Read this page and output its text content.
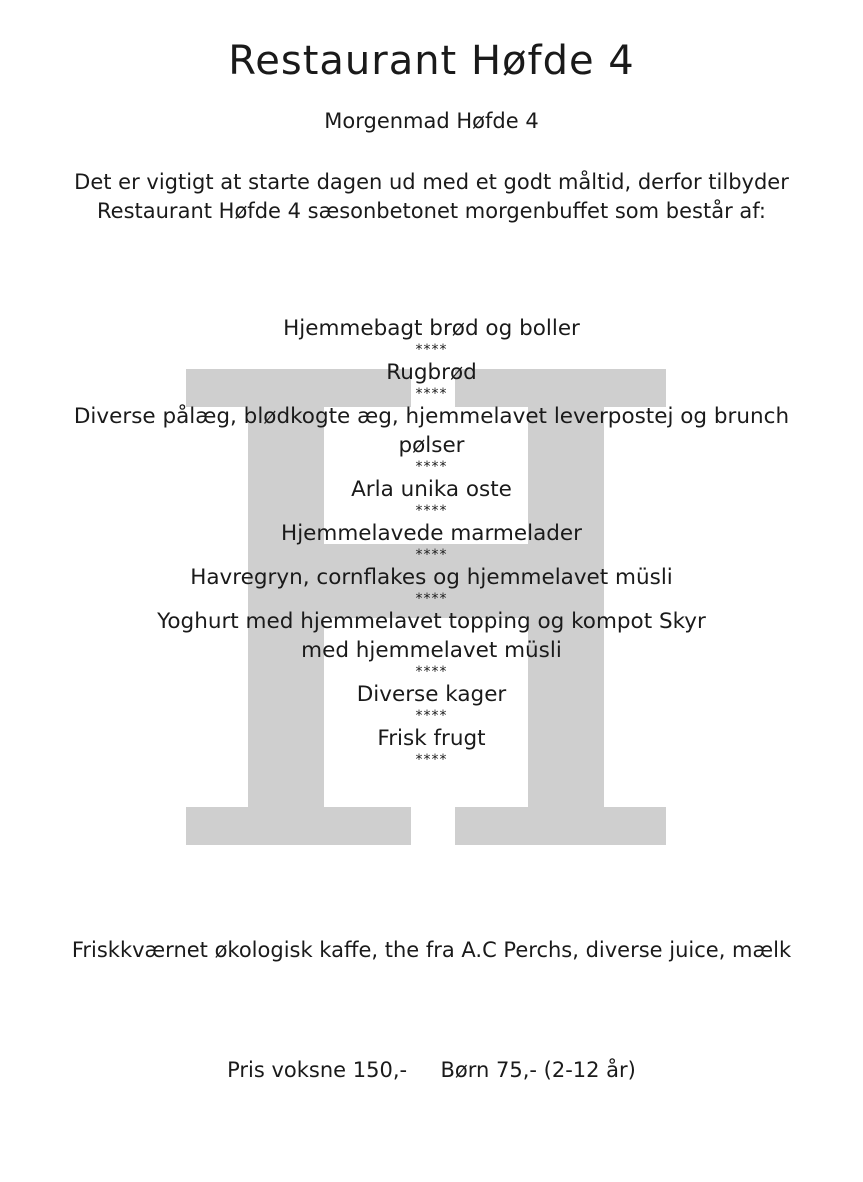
Restaurant Høfde 4
Morgenmad Høfde 4
Det er vigtigt at starte dagen ud med et godt måltid, derfor tilbyder Restaurant Høfde 4 sæsonbetonet morgenbuffet som består af:
Hjemmebagt brød og boller
****
Rugbrød
****
Diverse pålæg, blødkogte æg, hjemmelavet leverpostej og brunch pølser
****
Arla unika oste
****
Hjemmelavede marmelader
****
Havregryn, cornflakes og hjemmelavet müsli
****
Yoghurt med hjemmelavet topping og kompot Skyr med hjemmelavet müsli
****
Diverse kager
****
Frisk frugt
****
Friskkværnet økologisk kaffe, the fra A.C Perchs, diverse juice, mælk
Pris voksne 150,- Børn 75,- (2-12 år)
